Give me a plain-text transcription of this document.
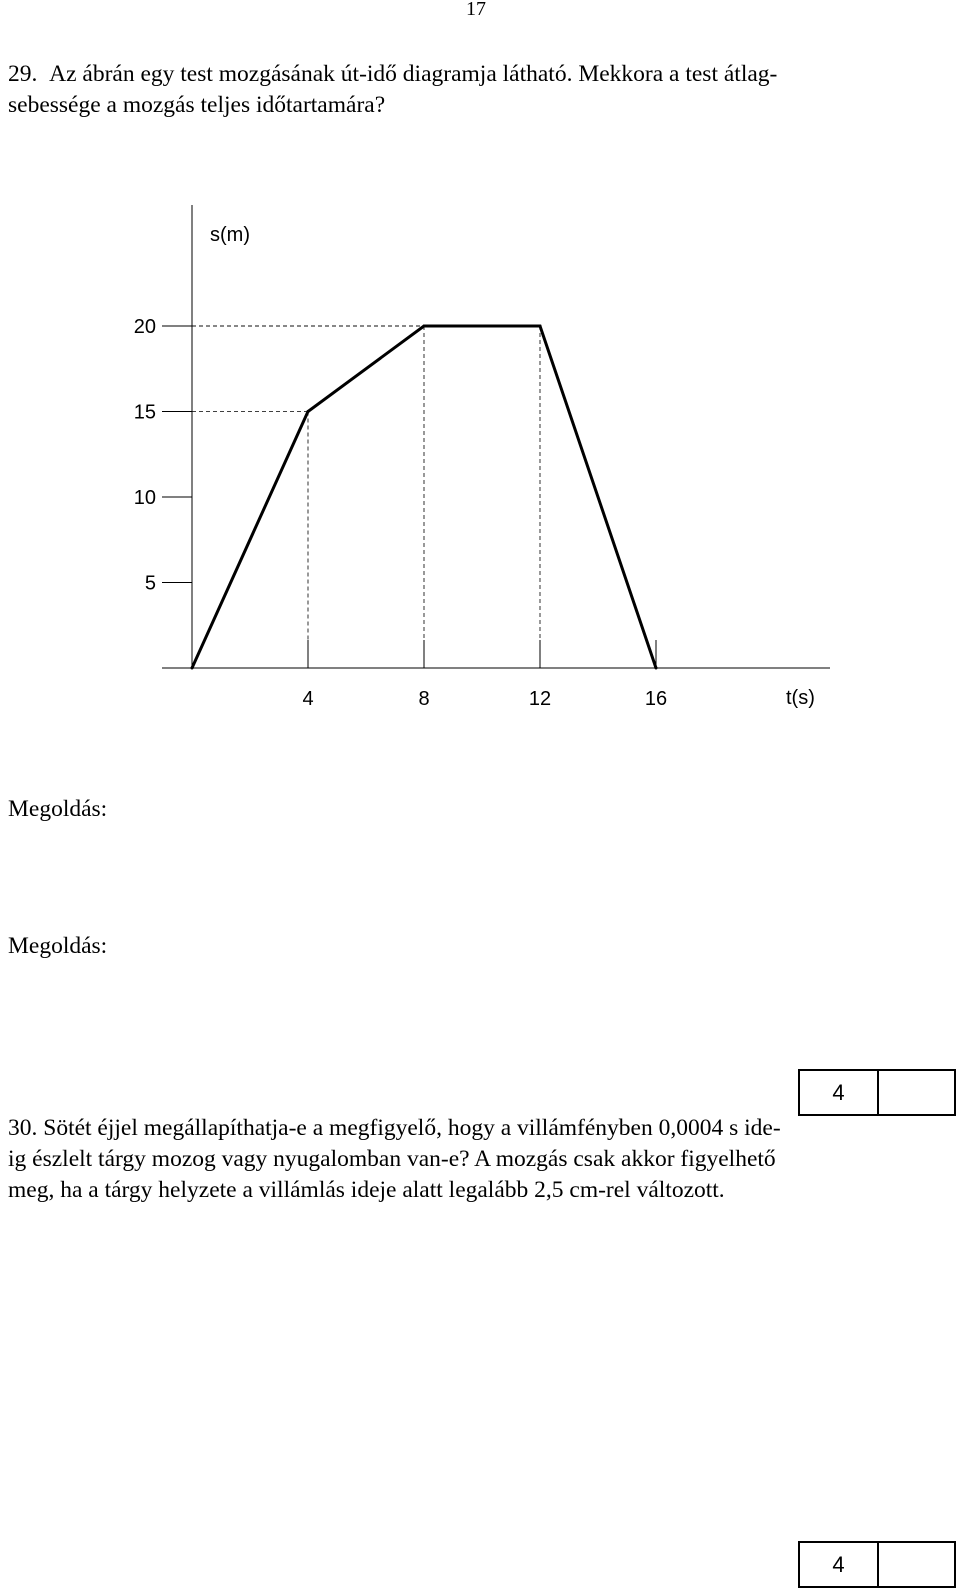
17
29. Az ábrán egy test mozgásának út-idő diagramja látható. Mekkora a test átlag-
sebessége a mozgás teljes időtartamára?
s(m)
t(s)
5
10
15
20
4	8	12	16
Megoldás:
4
30. Sötét éjjel megállapíthatja-e a megfigyelő, hogy a villámfényben 0,0004 s ide-
ig észlelt tárgy mozog vagy nyugalomban van-e? A mozgás csak akkor figyelhető
meg, ha a tárgy helyzete a villámlás ideje alatt legalább 2,5 cm-rel változott.
Megoldás:
4
